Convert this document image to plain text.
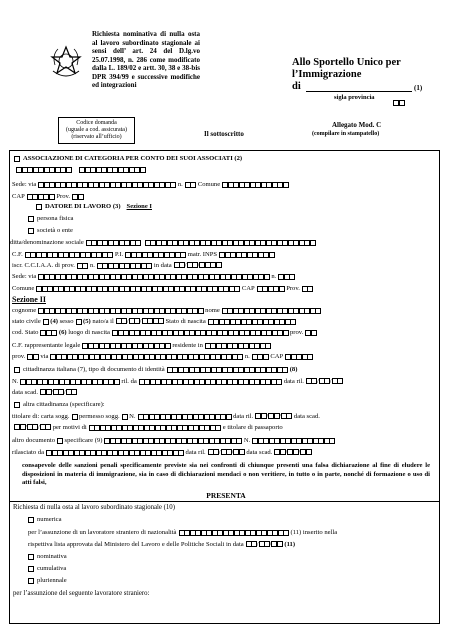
Richiesta nominativa di nulla osta al lavoro subordinato stagionale ai sensi dell’ art. 24 del D.lg.vo 25.07.1998, n. 286 come modificato dalla L. 189/02 e artt. 30, 38 e 38-bis DPR 394/99 e successive modifiche ed integrazioni
Allo Sportello Unico per
l’Immigrazione
di	(1)
sigla provincia
Codice domanda
(uguale a cod. assicurata)
(riservato all’ufficio)	Il sottoscritto
Allegato Mod. C
(compilare in stampatello)
ASSOCIAZIONE DI CATEGORIA PER CONTO DEI SUOI ASSOCIATI (2)
Sede: via	n. Comune
CAP	Prov.
DATORE DI LAVORO (3) Sezione I
persona fisica
società o ente
ditta/denominazione sociale
C.F.	P.I.	matr. INPS
iscr. C.C.I.A.A. di prov. n.	in data	/ /
Sede: via	n.
Comune	CAP	Prov.
Sezione II
cognome	nome
stato civile (4)
sesso (5)
nato/a il	/ /	Stato di nascita
cod. Stato	(6)
luogo di nascita	prov.
C.F. rappresentante legale	residente in
prov. via	n.	CAP
cittadinanza italiana (7), tipo di documento di identità	(8)
N.	ril. da	data ril.	/ /
data scad.	/ /
altra cittadinanza (specificare):
titolare di: carta sogg. permesso sogg. N.	data ril.	/ /	data scad.
/ /	per motivi di	e titolare di passaporto
altro documento specificare (9)	N.
rilasciato da	data ril.	/ /	data scad.	/ /
consapevole delle sanzioni penali specificamente previste sia nei confronti di chiunque presenti una falsa dichiarazione al fine di eludere le disposizioni in materia di immigrazione, sia in caso di dichiarazioni mendaci o non veritiere, in tutto o in parte, nonché di formazione o uso di atti falsi,
PRESENTA
Richiesta di nulla osta al lavoro subordinato stagionale (10)
numerica
per l’assunzione di un lavoratore straniero di nazionalità	(11) inserito nella
rispettiva lista approvata dal Ministero del Lavoro e delle Politiche Sociali in data	/ /	(11)
nominativa
cumulativa
pluriennale
per l’assunzione del seguente lavoratore straniero:
